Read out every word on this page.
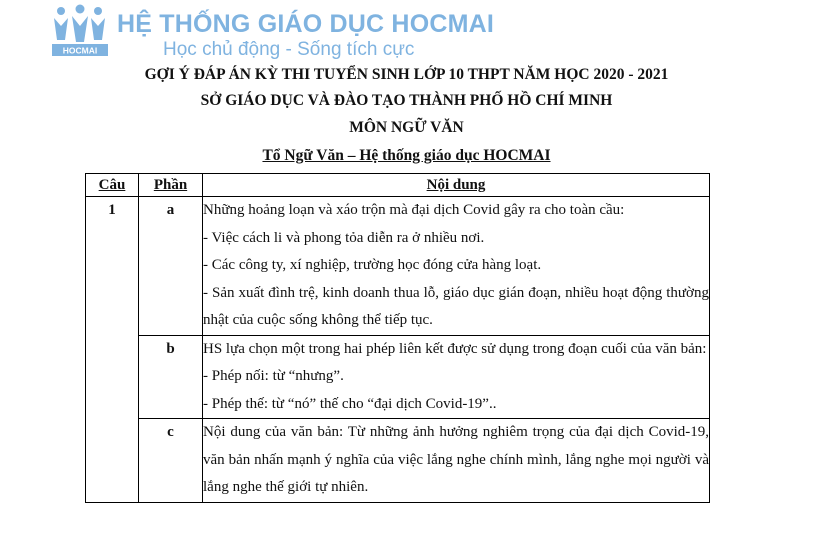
HOCMAI
HỆ THỐNG GIÁO DỤC HOCMAI
Học chủ động - Sống tích cực
GỢI Ý ĐÁP ÁN KỲ THI TUYỂN SINH LỚP 10 THPT NĂM HỌC 2020 - 2021
SỞ GIÁO DỤC VÀ ĐÀO TẠO THÀNH PHỐ HỒ CHÍ MINH
MÔN NGỮ VĂN
Tổ Ngữ Văn – Hệ thống giáo dục HOCMAI
Câu	Phần	Nội dung

1	a	Những hoảng loạn và xáo trộn mà đại dịch Covid gây ra cho toàn cầu:

- Việc cách li và phong tỏa diễn ra ở nhiều nơi.

- Các công ty, xí nghiệp, trường học đóng cửa hàng loạt.

- Sản xuất đình trệ, kinh doanh thua lỗ, giáo dục gián đoạn, nhiều hoạt động thường nhật của cuộc sống không thể tiếp tục.

	b	HS lựa chọn một trong hai phép liên kết được sử dụng trong đoạn cuối của văn bản:

- Phép nối: từ “nhưng”.

- Phép thế: từ “nó” thế cho “đại dịch Covid-19”..

	c	Nội dung của văn bản: Từ những ảnh hưởng nghiêm trọng của đại dịch Covid-19, văn bản nhấn mạnh ý nghĩa của việc lắng nghe chính mình, lắng nghe mọi người và lắng nghe thế giới tự nhiên.
